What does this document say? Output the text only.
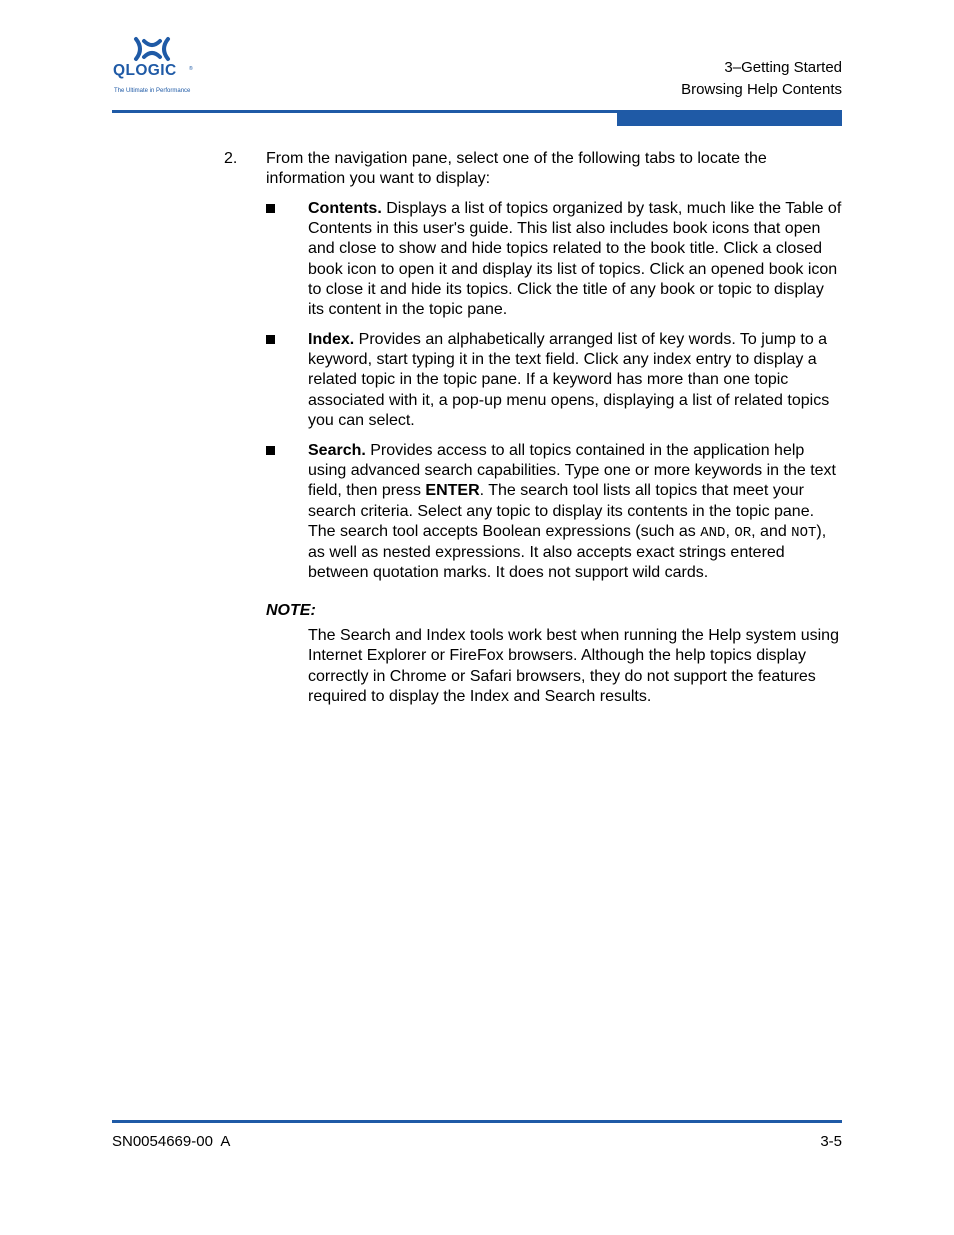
QLOGIC ®
The Ultimate in Performance
3–Getting Started
Browsing Help Contents
2. From the navigation pane, select one of the following tabs to locate the information you want to display:
Contents. Displays a list of topics organized by task, much like the Table of Contents in this user's guide. This list also includes book icons that open and close to show and hide topics related to the book title. Click a closed book icon to open it and display its list of topics. Click an opened book icon to close it and hide its topics. Click the title of any book or topic to display its content in the topic pane.
Index. Provides an alphabetically arranged list of key words. To jump to a keyword, start typing it in the text field. Click any index entry to display a related topic in the topic pane. If a keyword has more than one topic associated with it, a pop-up menu opens, displaying a list of related topics you can select.
Search. Provides access to all topics contained in the application help using advanced search capabilities. Type one or more keywords in the text field, then press ENTER. The search tool lists all topics that meet your search criteria. Select any topic to display its contents in the topic pane. The search tool accepts Boolean expressions (such as AND, OR, and NOT), as well as nested expressions. It also accepts exact strings entered between quotation marks. It does not support wild cards.
NOTE:
The Search and Index tools work best when running the Help system using Internet Explorer or FireFox browsers. Although the help topics display correctly in Chrome or Safari browsers, they do not support the features required to display the Index and Search results.
SN0054669-00  A	3-5
